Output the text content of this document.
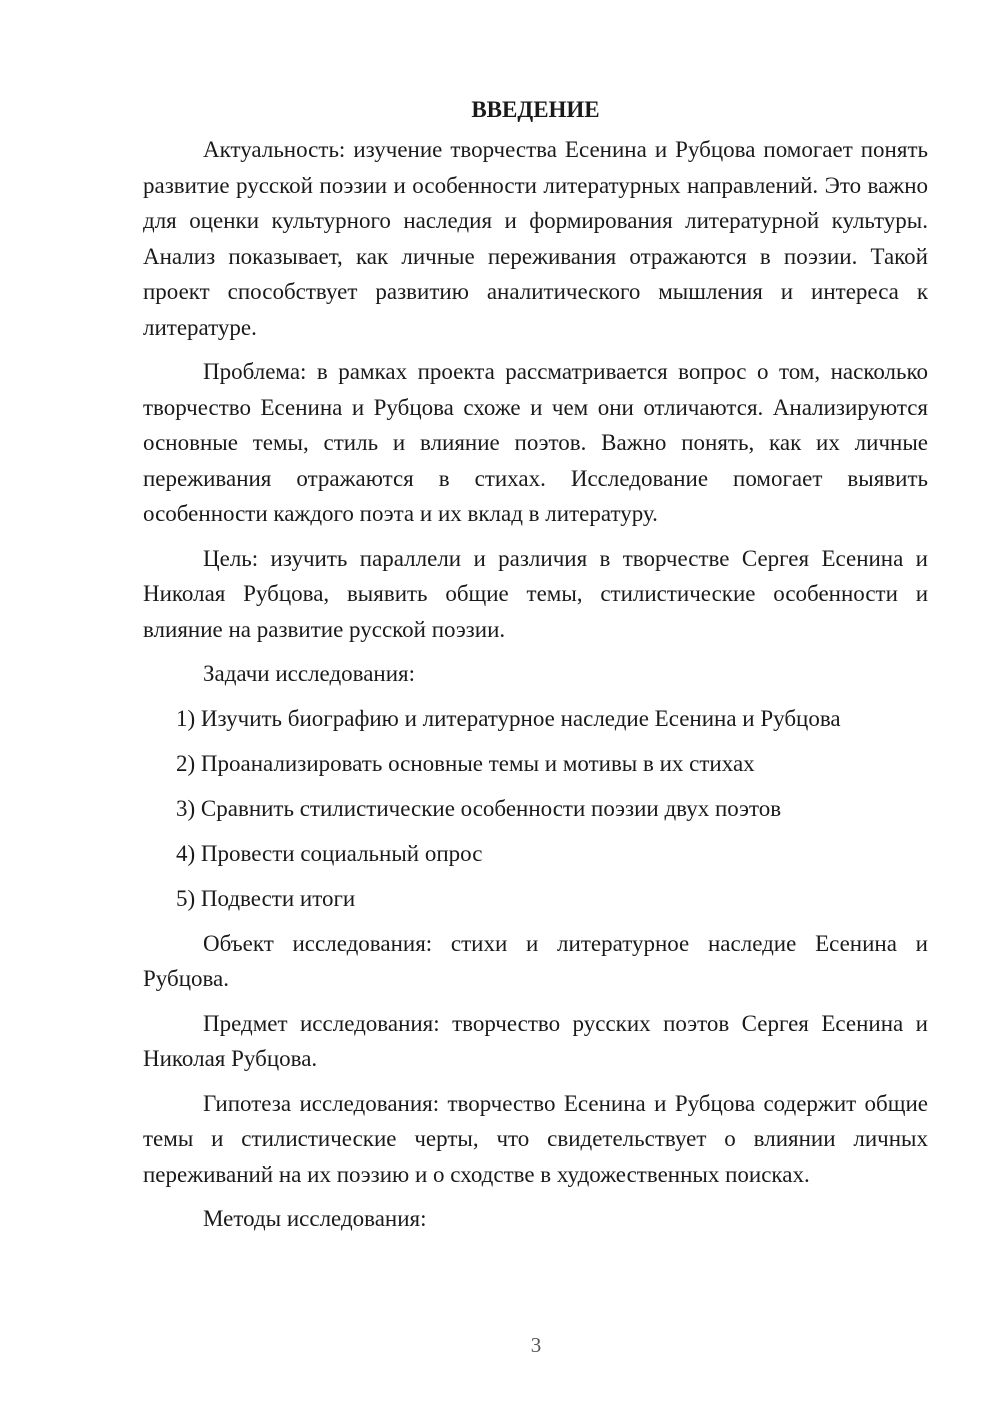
ВВЕДЕНИЕ

Актуальность: изучение творчества Есенина и Рубцова помогает понять развитие русской поэзии и особенности литературных направлений. Это важно для оценки культурного наследия и формирования литературной культуры. Анализ показывает, как личные переживания отражаются в поэзии. Такой проект способствует развитию аналитического мышления и интереса к литературе.

Проблема: в рамках проекта рассматривается вопрос о том, насколько творчество Есенина и Рубцова схоже и чем они отличаются. Анализируются основные темы, стиль и влияние поэтов. Важно понять, как их личные переживания отражаются в стихах. Исследование помогает выявить особенности каждого поэта и их вклад в литературу.

Цель: изучить параллели и различия в творчестве Сергея Есенина и Николая Рубцова, выявить общие темы, стилистические особенности и влияние на развитие русской поэзии.

Задачи исследования:

1) Изучить биографию и литературное наследие Есенина и Рубцова
2) Проанализировать основные темы и мотивы в их стихах
3) Сравнить стилистические особенности поэзии двух поэтов
4) Провести социальный опрос
5) Подвести итоги

Объект исследования: стихи и литературное наследие Есенина и Рубцова.

Предмет исследования: творчество русских поэтов Сергея Есенина и Николая Рубцова.

Гипотеза исследования: творчество Есенина и Рубцова содержит общие темы и стилистические черты, что свидетельствует о влиянии личных переживаний на их поэзию и о сходстве в художественных поисках.

Методы исследования:

3
